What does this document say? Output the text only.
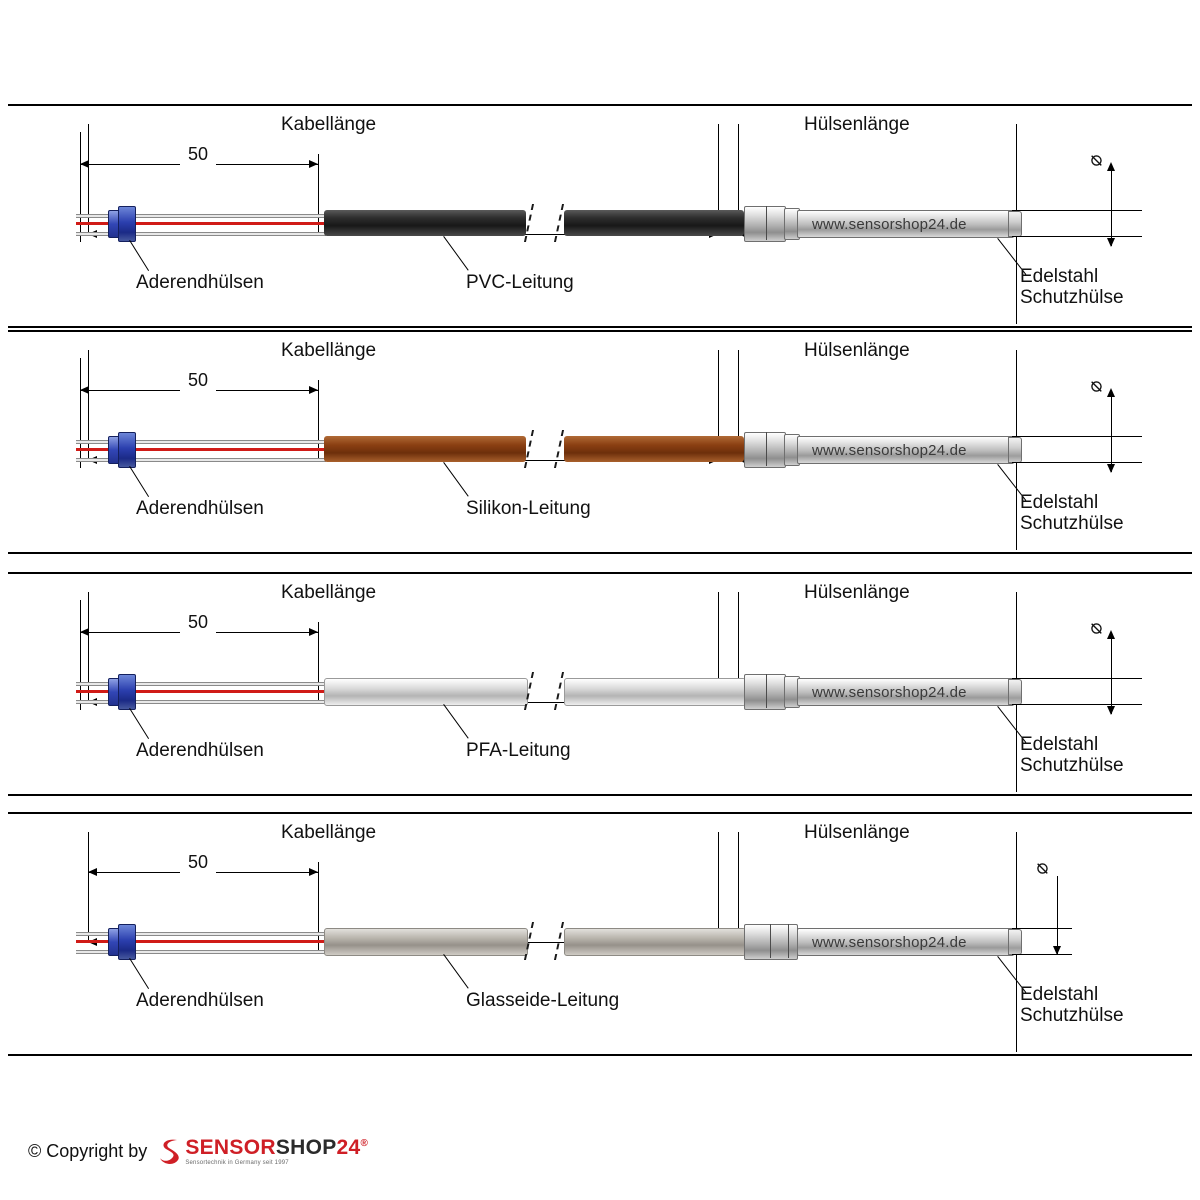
Kabellänge	Hülsenlänge
50
www.sensorshop24.de
⌀
Aderendhülsen	PVC-Leitung	Edelstahl
Schutzhülse
Kabellänge	Hülsenlänge
50
www.sensorshop24.de
⌀
Aderendhülsen	Silikon-Leitung	Edelstahl
Schutzhülse
Kabellänge	Hülsenlänge
50
www.sensorshop24.de
⌀
Aderendhülsen	PFA-Leitung	Edelstahl
Schutzhülse
Kabellänge	Hülsenlänge
50
www.sensorshop24.de
⌀
Aderendhülsen	Glasseide-Leitung	Edelstahl
Schutzhülse
© Copyright by SENSORSHOP24®
Sensortechnik in Germany seit 1997
